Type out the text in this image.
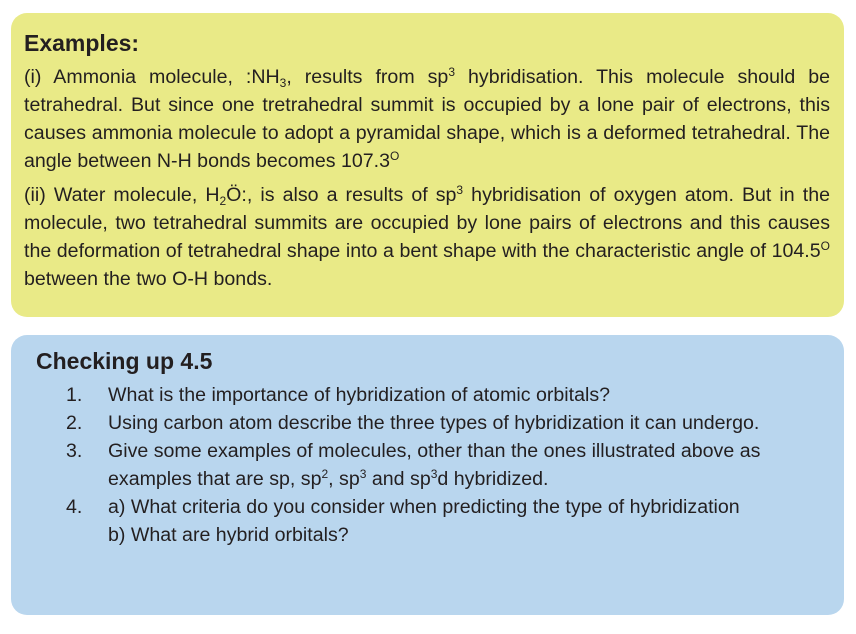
Examples:

(i) Ammonia molecule, $:NH_3$, results from $sp^3$ hybridisation. This molecule should be tetrahedral. But since one tretrahedral summit is occupied by a lone pair of electrons, this causes ammonia molecule to adopt a pyramidal shape, which is a deformed tetrahedral. The angle between N-H bonds becomes $107.3^O$

(ii) Water molecule, $H_2Ö$:, is also a results of $sp^3$ hybridisation of oxygen atom. But in the molecule, two tetrahedral summits are occupied by lone pairs of electrons and this causes the deformation of tetrahedral shape into a bent shape with the characteristic angle of $104.5^O$ between the two O-H bonds.

Checking up 4.5
1. What is the importance of hybridization of atomic orbitals?
2. Using carbon atom describe the three types of hybridization it can undergo.
3. Give some examples of molecules, other than the ones illustrated above as examples that are sp, $sp^2$, $sp^3$ and $sp^3d$ hybridized.
4. a) What criteria do you consider when predicting the type of hybridization
b) What are hybrid orbitals?
